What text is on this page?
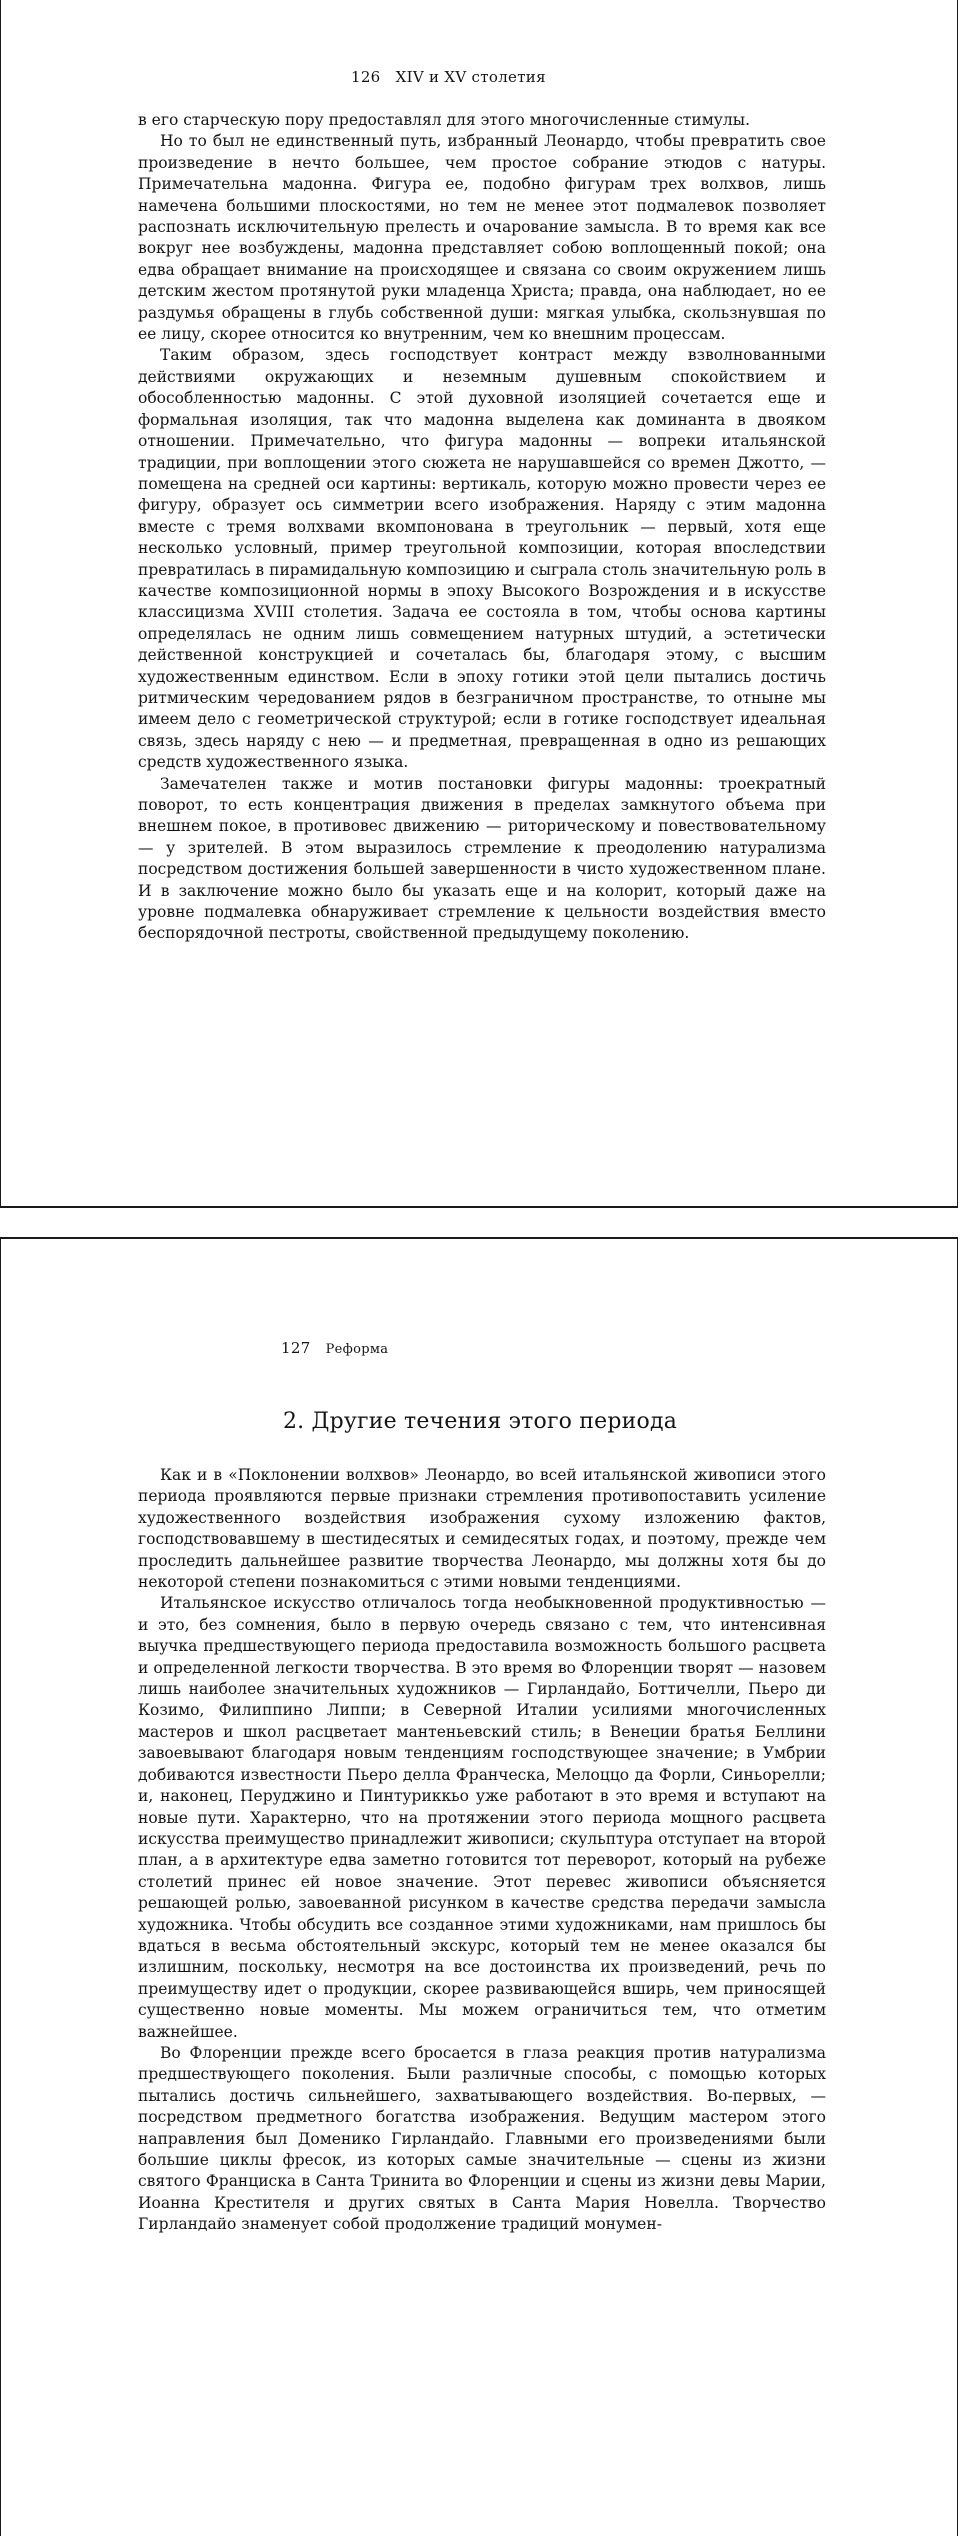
126 XIV и XV столетия

в его старческую пору предоставлял для этого многочисленные стимулы.

Но то был не единственный путь, избранный Леонардо, чтобы превратить свое произведение в нечто большее, чем простое собрание этюдов с натуры. Примечательна мадонна. Фигура ее, подобно фигурам трех волхвов, лишь намечена большими плоскостями, но тем не менее этот подмалевок позволяет распознать исключительную прелесть и очарование замысла. В то время как все вокруг нее возбуждены, мадонна представляет собою воплощенный покой; она едва обращает внимание на происходящее и связана со своим окружением лишь детским жестом протянутой руки младенца Христа; правда, она наблюдает, но ее раздумья обращены в глубь собственной души: мягкая улыбка, скользнувшая по ее лицу, скорее относится ко внутренним, чем ко внешним процессам.

Таким образом, здесь господствует контраст между взволнованными действиями окружающих и неземным душевным спокойствием и обособленностью мадонны. С этой духовной изоляцией сочетается еще и формальная изоляция, так что мадонна выделена как доминанта в двояком отношении. Примечательно, что фигура мадонны — вопреки итальянской традиции, при воплощении этого сюжета не нарушавшейся со времен Джотто, — помещена на средней оси картины: вертикаль, которую можно провести через ее фигуру, образует ось симметрии всего изображения. Наряду с этим мадонна вместе с тремя волхвами вкомпонована в треугольник — первый, хотя еще несколько условный, пример треугольной композиции, которая впоследствии превратилась в пирамидальную композицию и сыграла столь значительную роль в качестве композиционной нормы в эпоху Высокого Возрождения и в искусстве классицизма XVIII столетия. Задача ее состояла в том, чтобы основа картины определялась не одним лишь совмещением натурных штудий, а эстетически действенной конструкцией и сочеталась бы, благодаря этому, с высшим художественным единством. Если в эпоху готики этой цели пытались достичь ритмическим чередованием рядов в безграничном пространстве, то отныне мы имеем дело с геометрической структурой; если в готике господствует идеальная связь, здесь наряду с нею — и предметная, превращенная в одно из решающих средств художественного языка.

Замечателен также и мотив постановки фигуры мадонны: троекратный поворот, то есть концентрация движения в пределах замкнутого объема при внешнем покое, в противовес движению — риторическому и повествовательному — у зрителей. В этом выразилось стремление к преодолению натурализма посредством достижения большей завершенности в чисто художественном плане. И в заключение можно было бы указать еще и на колорит, который даже на уровне подмалевка обнаруживает стремление к цельности воздействия вместо беспорядочной пестроты, свойственной предыдущему поколению.

127 Реформа
2. Другие течения этого периода

Как и в «Поклонении волхвов» Леонардо, во всей итальянской живописи этого периода проявляются первые признаки стремления противопоставить усиление художественного воздействия изображения сухому изложению фактов, господствовавшему в шестидесятых и семидесятых годах, и поэтому, прежде чем проследить дальнейшее развитие творчества Леонардо, мы должны хотя бы до некоторой степени познакомиться с этими новыми тенденциями.

Итальянское искусство отличалось тогда необыкновенной продуктивностью — и это, без сомнения, было в первую очередь связано с тем, что интенсивная выучка предшествующего периода предоставила возможность большого расцвета и определенной легкости творчества. В это время во Флоренции творят — назовем лишь наиболее значительных художников — Гирландайо, Боттичелли, Пьеро ди Козимо, Филиппино Липпи; в Северной Италии усилиями многочисленных мастеров и школ расцветает мантеньевский стиль; в Венеции братья Беллини завоевывают благодаря новым тенденциям господствующее значение; в Умбрии добиваются известности Пьеро делла Франческа, Мелоццо да Форли, Синьорелли; и, наконец, Перуджино и Пинтуриккьо уже работают в это время и вступают на новые пути. Характерно, что на протяжении этого периода мощного расцвета искусства преимущество принадлежит живописи; скульптура отступает на второй план, а в архитектуре едва заметно готовится тот переворот, который на рубеже столетий принес ей новое значение. Этот перевес живописи объясняется решающей ролью, завоеванной рисунком в качестве средства передачи замысла художника. Чтобы обсудить все созданное этими художниками, нам пришлось бы вдаться в весьма обстоятельный экскурс, который тем не менее оказался бы излишним, поскольку, несмотря на все достоинства их произведений, речь по преимуществу идет о продукции, скорее развивающейся вширь, чем приносящей существенно новые моменты. Мы можем ограничиться тем, что отметим важнейшее.

Во Флоренции прежде всего бросается в глаза реакция против натурализма предшествующего поколения. Были различные способы, с помощью которых пытались достичь сильнейшего, захватывающего воздействия. Во-первых, — посредством предметного богатства изображения. Ведущим мастером этого направления был Доменико Гирландайо. Главными его произведениями были большие циклы фресок, из которых самые значительные — сцены из жизни святого Франциска в Санта Тринита во Флоренции и сцены из жизни девы Марии, Иоанна Крестителя и других святых в Санта Мария Новелла. Творчество Гирландайо знаменует собой продолжение традиций монумен-
